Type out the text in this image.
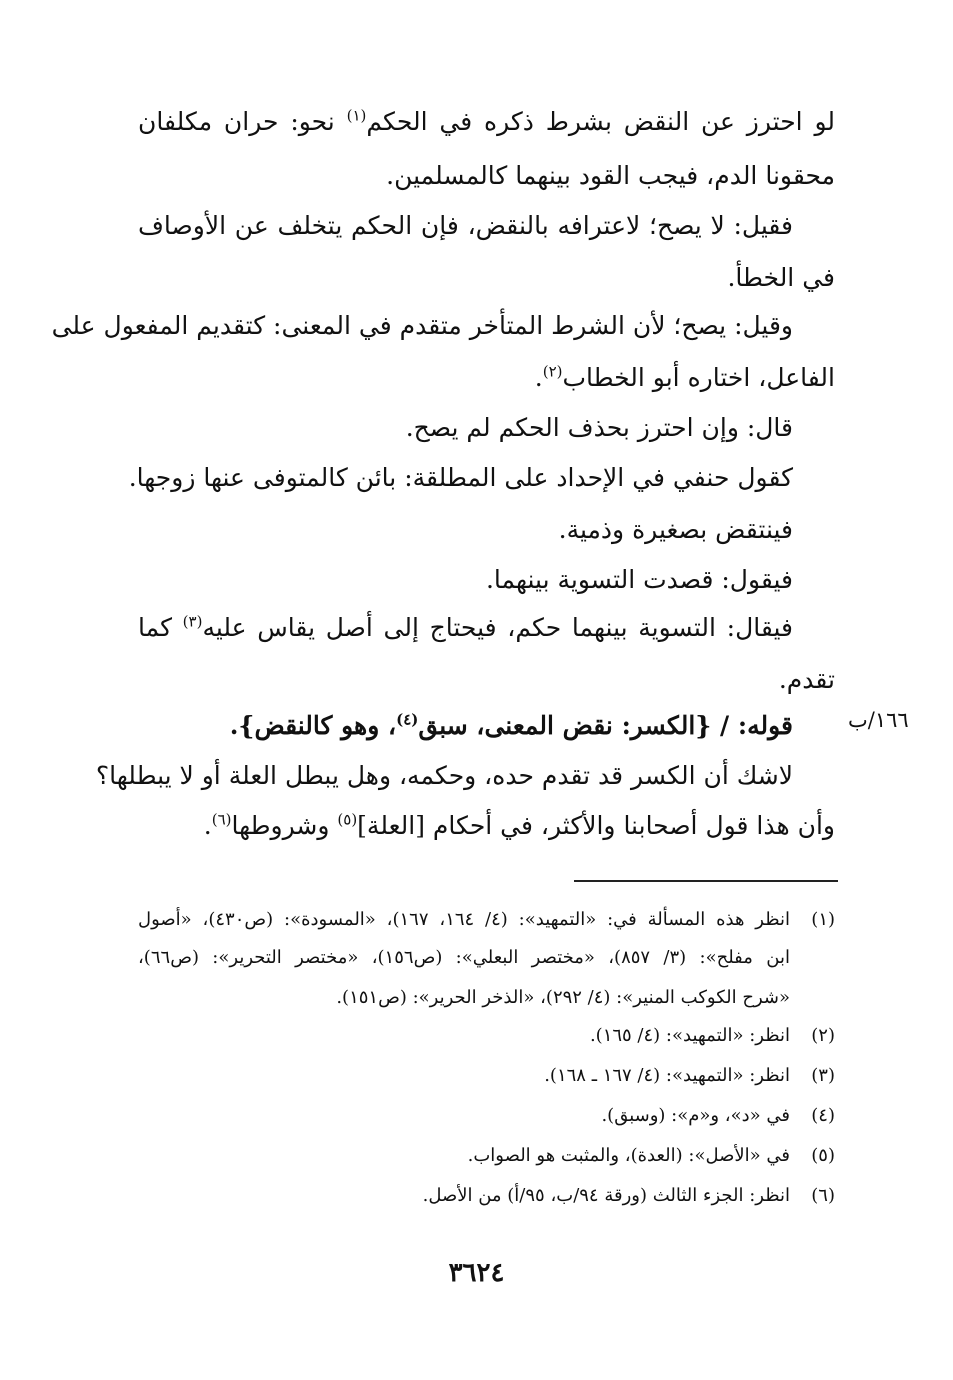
لو احترز عن النقض بشرط ذكره في الحكم$^{(١)}$ نحو: حران مكلفان
محقونا الدم، فيجب القود بينهما كالمسلمين.
فقيل: لا يصح؛ لاعترافه بالنقض، فإن الحكم يتخلف عن الأوصاف
في الخطأ.
وقيل: يصح؛ لأن الشرط المتأخر متقدم في المعنى: كتقديم المفعول على
الفاعل، اختاره أبو الخطاب$^{(٢)}$.
قال: وإن احترز بحذف الحكم لم يصح.
كقول حنفي في الإحداد على المطلقة: بائن كالمتوفى عنها زوجها.
فينتقض بصغيرة وذمية.
فيقول: قصدت التسوية بينهما.
فيقال: التسوية بينهما حكم، فيحتاج إلى أصل يقاس عليه$^{(٣)}$ كما
تقدم.
قوله: / {الكسر: نقض المعنى، سبق$^{(٤)}$، وهو كالنقض}.
لاشك أن الكسر قد تقدم حده، وحكمه، وهل يبطل العلة أو لا يبطلها؟
وأن هذا قول أصحابنا والأكثر، في أحكام [العلة]$^{(٥)}$ وشروطها$^{(٦)}$.
١٦٦/ب
(١)انظر هذه المسألة في: «التمهيد»: (٤/ ١٦٤، ١٦٧)، «المسودة»: (ص٤٣٠)، «أصول
ابن مفلح»: (٣/ ٨٥٧)، «مختصر البعلي»: (ص١٥٦)، «مختصر التحرير»: (ص٦٦)،
«شرح الكوكب المنير»: (٤/ ٢٩٢)، «الذخر الحرير»: (ص١٥١).
(٢)انظر: «التمهيد»: (٤/ ١٦٥).
(٣)انظر: «التمهيد»: (٤/ ١٦٧ ـ ١٦٨).
(٤)في «د»، و«م»: (وسبق).
(٥)في «الأصل»: (العدة)، والمثبت هو الصواب.
(٦)انظر: الجزء الثالث (ورقة ٩٤/ب، ٩٥/أ) من الأصل.
٣٦٢٤
